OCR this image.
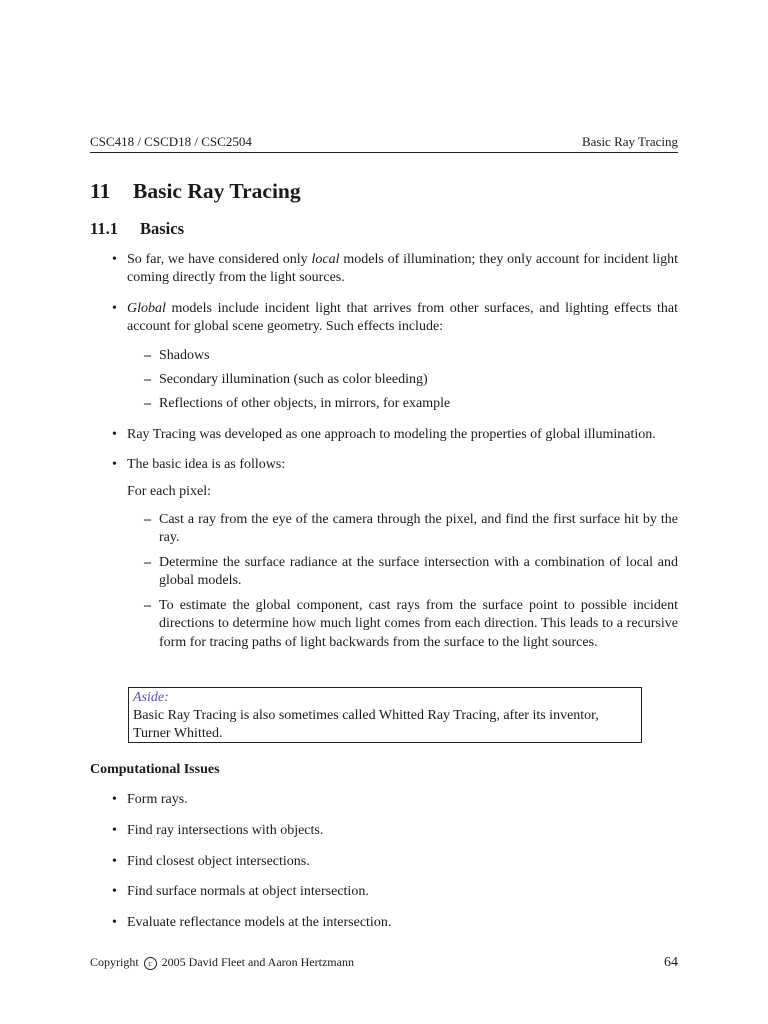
CSC418 / CSCD18 / CSC2504	Basic Ray Tracing
11 Basic Ray Tracing
11.1 Basics
• So far, we have considered only local models of illumination; they only account for incident light coming directly from the light sources.
• Global models include incident light that arrives from other surfaces, and lighting effects that account for global scene geometry. Such effects include:
– Shadows
– Secondary illumination (such as color bleeding)
– Reflections of other objects, in mirrors, for example
• Ray Tracing was developed as one approach to modeling the properties of global illumination.
• The basic idea is as follows:
For each pixel:
– Cast a ray from the eye of the camera through the pixel, and find the first surface hit by the ray.
– Determine the surface radiance at the surface intersection with a combination of local and global models.
– To estimate the global component, cast rays from the surface point to possible incident directions to determine how much light comes from each direction. This leads to a recursive form for tracing paths of light backwards from the surface to the light sources.
Aside:
Basic Ray Tracing is also sometimes called Whitted Ray Tracing, after its inventor, Turner Whitted.
Computational Issues
• Form rays.
• Find ray intersections with objects.
• Find closest object intersections.
• Find surface normals at object intersection.
• Evaluate reflectance models at the intersection.
Copyright c 2005 David Fleet and Aaron Hertzmann	64
